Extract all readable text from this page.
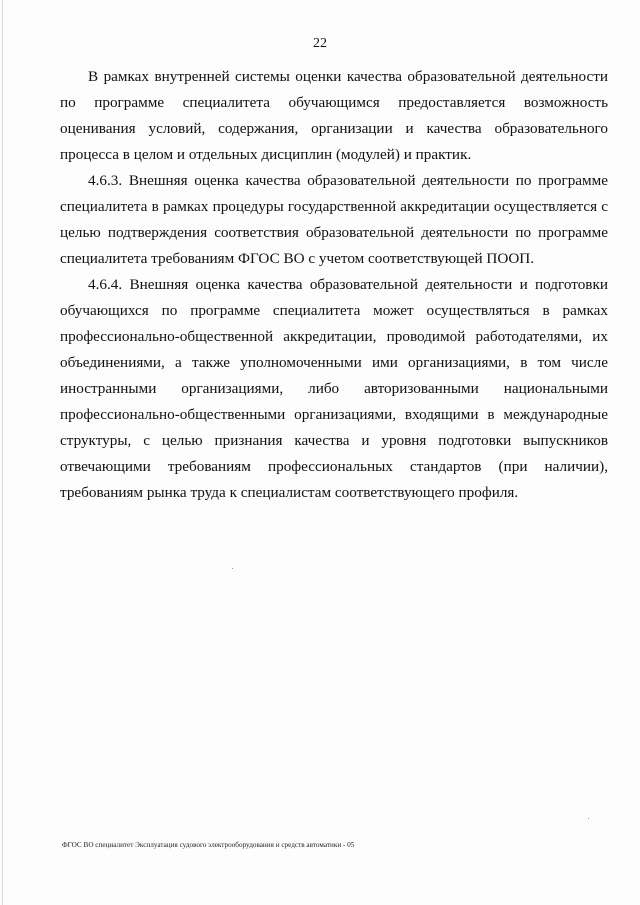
22

В рамках внутренней системы оценки качества образовательной деятельности по программе специалитета обучающимся предоставляется возможность оценивания условий, содержания, организации и качества образовательного процесса в целом и отдельных дисциплин (модулей) и практик.

4.6.3. Внешняя оценка качества образовательной деятельности по программе специалитета в рамках процедуры государственной аккредитации осуществляется с целью подтверждения соответствия образовательной деятельности по программе специалитета требованиям ФГОС ВО с учетом соответствующей ПООП.

4.6.4. Внешняя оценка качества образовательной деятельности и подготовки обучающихся по программе специалитета может осуществляться в рамках профессионально-общественной аккредитации, проводимой работодателями, их объединениями, а также уполномоченными ими организациями, в том числе иностранными организациями, либо авторизованными национальными профессионально-общественными организациями, входящими в международные структуры, с целью признания качества и уровня подготовки выпускников отвечающими требованиям профессиональных стандартов (при наличии), требованиям рынка труда к специалистам соответствующего профиля.

ФГОС ВО специалитет Эксплуатация судового электрооборудования и средств автоматики - 05
